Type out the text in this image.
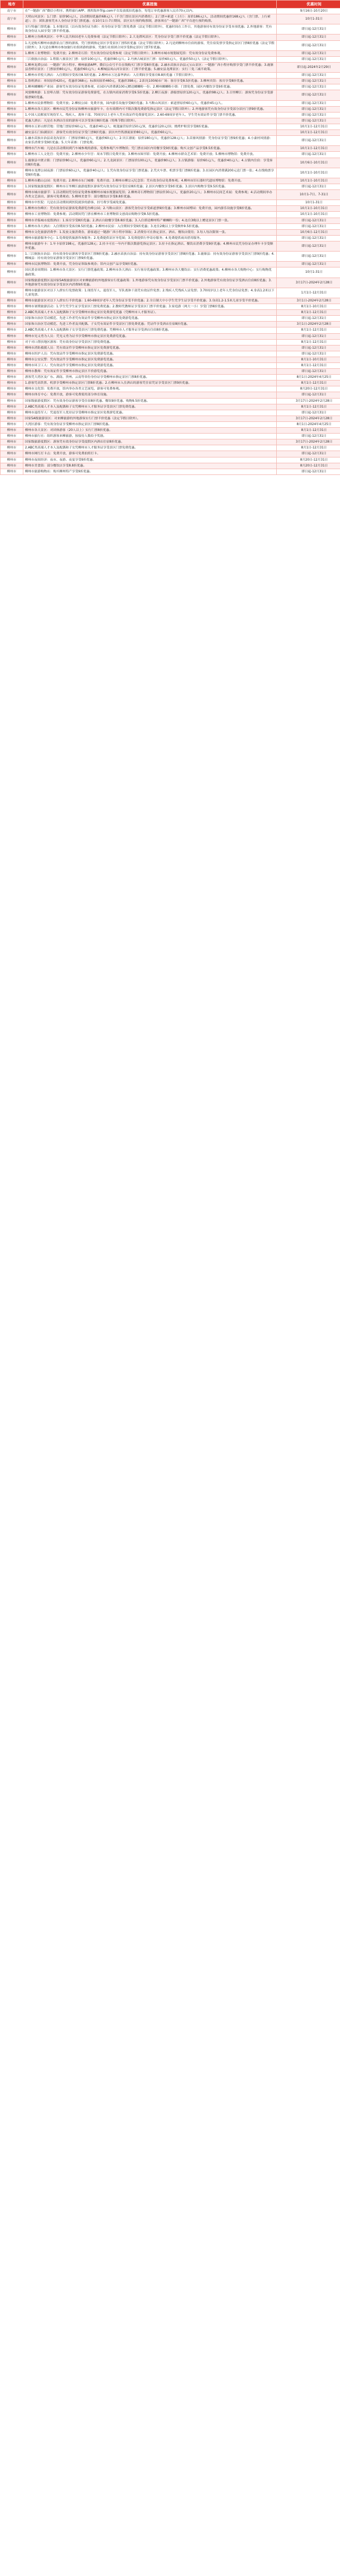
地市	优惠措施	优惠时间
南宁市	在“一键游广西”微信小程序、携程旅行APP、携程海外Trip.com平台发放抵扣优惠券，每笔订单优惠游客人民币70元以内。	9月16日-10月20日
南宁市	大明山风景区：1.门票：原价90元/人，活动期间优惠价68元/人（不含门票在景区内消费的）；2.门票+索道（上行）：原价186元/人，活动期间优惠价168元/人（含门票、上行索道）；注：团队游客凭本人身份证享受门票优惠；在10月1日-7日期间，景区实行预约购票制，游客须在“一键游广西”平台进行预约购票。	10月1-31日
柳州市	实行特惠门票优惠：1.本地居民（以有效身份证为准）：持身份证享受门票免费游（法定节假日除外），优惠时间在工作日，其他游客持有效身份证享受本项优惠；2.外地游客：凭有效身份证入园享受门票半价优惠。	即日起-12月31日
柳州市	1.柳州立鱼峰风景区：中华人民共和国老年人免费参观（法定节假日除外）；2.大龙潭风景区：凭身份证享受门票半价优惠（法定节假日除外）。	即日起-12月31日
柳州市	1.凡是购买柳州市旅游景点门票的游客，凭门票到指定景区享受景区门票5折优惠（法定节假日除外）；2.凡是到柳州市住宿的游客，凭住宿发票享受指定景区门票8折优惠（法定节假日除外）；3.凡是在柳州市参加旅行社组团游的游客，凭旅行社组团合同享受指定景区门票7折优惠。	即日起-12月31日
柳州市	1.柳州工业博物馆：免费开放；2.柳州奇石馆：凭有效身份证免费参观（法定节假日除外）；3.柳州市城市规划展览馆：凭有效身份证免费参观。	即日起-12月31日
柳州市	三江侗族自治县：1.程阳八寨景区门票：原价100元/人，优惠价80元/人；2.丹洲古城景区门票：原价60元/人，优惠价50元/人（法定节假日除外）。	即日起-12月31日
柳州市	1.柳州龙潭公园：一键游广西小程序、柳州旅游APP、微信公众号平台在线购买门票享受8折优惠；2.融水苗族自治县元宝山景区：一键游广西小程序购票享受门票半价优惠；3.鹿寨县香桥岩景区：门票原价80元/人，优惠价60元/人；4.柳城县凤山河谷景区：门票半价优惠；5.融安县龙潭景区：实行三免三减半政策。	即日起-2024年2月29日
柳州市	1.柳州市君悦大酒店：入住期间享受客房8.5折优惠；2.柳州市万达嘉华酒店：入住期间享受客房8.8折优惠（节假日除外）。	即日起-12月31日
柳州市	1.鲁班酒店：单间原价420元，优惠价368元；标准间原价460元，优惠价398元；2.阳光100城市广场：客房享受8.5折优惠；3.柳州宾馆：客房享受8折优惠。	即日起-12月31日
柳州市	1.柳州螺蛳粉产业园：游客凭有效身份证免费参观，在园区内消费满100元赠送螺蛳粉一份；2.柳州螺蛳粉小镇：门票免费，园区内餐饮享受9折优惠。	即日起-12月31日
柳州市	风情柳州游：1.窑埠古镇：凭有效身份证游客免费游览，在古镇内商家消费享受9.5折优惠；2.柳江夜游：游船票原价120元/人，优惠价98元/人；3.百里柳江：游客凭身份证享受游船票9折优惠。	即日起-12月31日
柳州市	1.柳州市民俗博物馆：免费开放；2.柳侯公园：免费开放，园内游乐设施享受8折优惠；3.马鞍山风景区：索道票原价60元/人，优惠价45元/人。	即日起-12月31日
柳州市	1.柳州市各大景区：柳州市民凭身份证和柳州市旅游年卡，在有效期内可不限次数免费游览指定景区（法定节假日除外）；2.外地游客凭有效身份证享受部分景区门票9折优惠。	即日起-12月31日
柳州市	1.中国人民解放军现役军人、残疾人、离休干部、70周岁以上老年人凭有效证件免费游览景区；2.60-69周岁老年人、学生凭有效证件享受门票半价优惠。	即日起-12月31日
柳州市	优惠大酒店：凡是在本酒店住宿的游客可以享受客房8折优惠（特殊节假日除外）。	即日起-12月31日
柳州市	柳州市五彩山野营地：营地门票原价60元/人，优惠价40元/人；帐篷露营原价150元/顶，优惠价120元/顶；烧烤炉租赁享受8折优惠。	10月1日-12月31日
柳州市	融安县石门仙湖景区：游客凭有效身份证享受门票8折优惠；景区内竹筏漂流原价80元/人，优惠价60元/人。	10月1日-12月31日
柳州市	1.融水苗族自治县双龙沟景区：门票原价80元/人，优惠价60元/人；2.贝江漂流：原价180元/人，优惠价128元/人；3.苗寨风情游：凭身份证享受门票9折优惠；4.小桑村风情游：农家乐消费享受9折优惠；5.大年苗寨：门票免费。	即日起-12月31日
柳州市	柳州市汽车城：凡是在活动期间到汽车城参观的游客，免费参观汽车博物馆；凭门票在园区内用餐享受9折优惠；购买文创产品享受8.5折优惠。	10月1日-12月31日
柳州市	1.柳州市工人文化宫：免费开放；2.柳州市少年宫：周末节假日免费开放；3.柳州市图书馆：免费开放；4.柳州市群众艺术馆：免费开放；5.柳州市博物馆：免费开放。	即日起-12月31日
柳州市	1.鹿寨县中渡古镇：门票原价80元/人，优惠价60元/人；2.九龙洞景区：门票原价100元/人，优惠价80元/人；3.古镇游船：原价60元/人，优惠价40元/人；4.古镇内住宿：享受客房8折优惠。	10月6日-10月31日
柳州市	柳州市龙潭公园夜游：门票原价60元/人，优惠价40元/人；1.凭有效身份证享受门票优惠；2.凭火车票、机票享受门票8折优惠；3.在园区内消费满200元送门票一张；4.在线购票享受9折优惠。	10月1日-10月31日
柳州市	1.柳州市鹅山公园：免费开放；2.柳州市东门城楼：免费开放；3.柳州市柳宗元纪念馆：凭有效身份证免费参观；4.柳州市旧石器时代遗址博物馆：免费开放。	10月1日-10月31日
柳州市	1.国家级旅游度假区：柳州市百里柳江旅游度假区游客凭有效身份证享受住宿8折优惠；2.景区内餐饮享受9折优惠；3.景区内购物享受9.5折优惠。	即日起-12月31日
柳州市	柳州市城市旅游节：1.活动期间凭身份证免费参观柳州市城市规划展览馆；2.柳州奇石博物馆门票原价30元/人，优惠价20元/人；3.柳州市民间艺术展：免费参观；4.活动期间举办各类文艺演出，游客可免费观看；5.柳州美食节：部分餐饮店享受8.8折优惠。	10月1-7日、7-31日
柳州市	柳州市中医院：凡是在活动期间到医院就诊的游客，挂号费享受减免优惠。	10月1-31日
柳州市	1.柳州市鱼峰区：凭有效身份证游客免费游览鱼峰公园；2.马鞍山景区：游客凭身份证享受索道票9折优惠；3.柳州市园博园：免费开放，园内游乐设施享受8折优惠。	10月1日-10月31日
柳州市	柳州市工业博物馆：免费参观；活动期间凭门票在柳州市工业博物馆文创商店购物享受8.5折优惠。	10月1日-10月31日
柳州市	柳州市君临城市度假酒店：1.客房享受8折优惠；2.酒店自助餐享受8.8折优惠；3.入住即送柳州特产螺蛳粉一份；4.连住3晚以上赠送景区门票一张。	即日起-12月31日
柳州市	1.柳州市各大酒店：入住期间享受客房8.5折优惠；2.柳州市民宿：入住期间享受9折优惠；3.连住2晚以上享受额外9.5折优惠。	即日起-12月31日
柳州市	柳州市文化旅游消费季：1.发放文旅消费券，游客通过一键游广西小程序领取；2.消费券可在指定景区、酒店、餐饮店使用；3.每人每次限领一张。	10月6日-12月31日
柳州市	柳州市旅游服务中心：1.免费提供旅游咨询服务；2.免费提供景区导览图；3.免费提供行李寄存服务；4.免费提供雨具借用服务。	即日起-12月31日
柳州市	柳州市旅游年卡：1.年卡原价198元，优惠价128元；2.持卡可在一年内不限次数游览指定景区；3.持卡在指定酒店、餐饮店消费享受9折优惠；4.柳州市民凭身份证办理年卡享受额外优惠。	即日起-12月31日
柳州市	1.三江侗族自治县：持有效身份证游客享受景区门票8折优惠；2.融水苗族自治县：持有效身份证游客享受景区门票8折优惠；3.鹿寨县：持有效身份证游客享受景区门票9折优惠；4.柳城县：持有效身份证游客享受景区门票9折优惠。	即日起-12月31日
柳州市	柳州市民族博物馆：免费开放，凭身份证领取参观券；馆内文创产品享受9折优惠。	即日起-12月31日
柳州市	国庆黄金周期间：1.柳州市各大景区：实行门票优惠政策；2.柳州市各大酒店：实行客房优惠政策；3.柳州市各大餐饮店：实行消费优惠政策；4.柳州市各大购物中心：实行购物优惠政策。	10月1-31日
柳州市	国家级旅游度假区及国家5A级旅游景区对来柳旅游的外地游客实行优惠政策：1.外地游客凭有效身份证享受景区门票半价优惠；2.外地游客凭有效身份证享受酒店住宿8折优惠；3.外地游客凭有效身份证享受景区内消费9折优惠。	3月17日-2024年2月28日
柳州市	柳州市旅游景区对以下人群实行免票政策：1.现役军人、退役军人、军队离休干部凭有效证件免票；2.残疾人凭残疾人证免票；3.70周岁以上老年人凭身份证免票；4.身高1.2米以下儿童免票。	1月1日-12月31日
柳州市	柳州市旅游景区对以下人群实行半价优惠：1.60-69周岁老年人凭身份证享受半价优惠；2.全日制大中小学生凭学生证享受半价优惠；3.身高1.2-1.5米儿童享受半价优惠。	3月1日-2024年2月28日
柳州市	柳州市暑期旅游活动：1.学生凭学生证享受景区门票免费优惠；2.教师凭教师证享受景区门票半价优惠；3.家庭游（两大一小）享受门票8折优惠。	8月1日-10月31日
柳州市	2.ABC类高端人才本人及配偶和子女享受柳州市指定景区免费游览优惠（凭柳州市人才服务证）。	8月1日-12月31日
柳州市	国家和自治区劳动模范、先进工作者凭有效证件享受柳州市指定景区免费游览优惠。	即日起-12月31日
柳州市	国家和自治区劳动模范、先进工作者及其配偶、子女凭有效证件享受景区门票免费优惠；凭证件享受酒店住宿8折优惠。	3月1日-2024年2月28日
柳州市	2.ABC类高端人才本人及配偶和子女享受景区门票免费优惠；凭柳州市人才服务证享受酒店住宿8折优惠。	8月1日-12月31日
柳州市	柳州市见义勇为人员：凭见义勇为证书享受柳州市指定景区免费游览优惠。	即日起-12月31日
柳州市	对于对口帮扶地区游客：凭有效身份证享受景区门票免费优惠。	8月1日-12月31日
柳州市	柳州市消防救援人员：凭有效证件享受柳州市指定景区免费游览优惠。	即日起-12月31日
柳州市	柳州市医护人员：凭有效证件享受柳州市指定景区免费游览优惠。	即日起-12月31日
柳州市	柳州市公安民警：凭有效证件享受柳州市指定景区免费游览优惠。	8月1日-10月31日
柳州市	柳州市环卫工人：凭有效证件享受柳州市指定景区免费游览优惠。	8月1日-12月31日
柳州市	柳州市教师：凭有效证件享受柳州市指定景区半价游览优惠。	即日起-12月31日
柳州市	游客凭大湾区及广东、湖南、贵州、云南等省份身份证享受柳州市指定景区门票8折优惠。	8月1日-2024年4月25日
柳州市	1.游客凭高铁票、机票享受柳州市指定景区门票8折优惠；2.在柳州市入住酒店的游客凭住宿凭证享受景区门票9折优惠。	8月1日-12月31日
柳州市	柳州市文化馆：免费开放，馆内举办各类文艺展览，游客可免费参观。	8月20日-12月31日
柳州市	柳州市体育中心：免费开放，游客可免费使用部分体育设施。	即日起-12月31日
柳州市	国家级旅游度假区：凭有效身份证游客享受住宿8折优惠、餐饮9折优惠、购物9.5折优惠。	3月17日-2024年2月28日
柳州市	2.ABC类高端人才本人及配偶和子女凭柳州市人才服务证享受景区门票免费优惠。	8月1日-12月31日
柳州市	柳州市退役军人：凭退役军人优待证享受柳州市指定景区免费游览优惠。	即日起-12月31日
柳州市	国家5A级旅游景区：对来柳旅游的外地游客实行门票半价优惠（法定节假日除外）。	3月17日-2024年2月28日
柳州市	大湾区游客：凭有效身份证享受柳州市指定景区门票8折优惠。	8月1日-2024年4月25日
柳州市	柳州市各大景区：对团体游客（20人以上）实行门票8折优惠。	8月1日-12月31日
柳州市	柳州市旅行社：组织游客来柳旅游，按接待人数给予奖励。	即日起-12月31日
柳州市	国家级旅游度假区：游客凭有效身份证享受度假区内酒店住宿8折优惠。	3月17日-2024年2月28日
柳州市	2.ABC类高端人才本人及配偶和子女凭柳州市人才服务证享受景区门票免费优惠。	8月1日-12月31日
柳州市	柳州市网红打卡点：免费开放，游客可免费拍照打卡。	即日起-12月31日
柳州市	柳州市夜间经济：夜市、夜游、夜宴享受9折优惠。	8月20日-12月31日
柳州市	柳州市美食街：部分餐饮店享受8.8折优惠。	8月20日-12月31日
柳州市	柳州市旅游购物店：购买柳州特产享受9折优惠。	即日起-12月31日
